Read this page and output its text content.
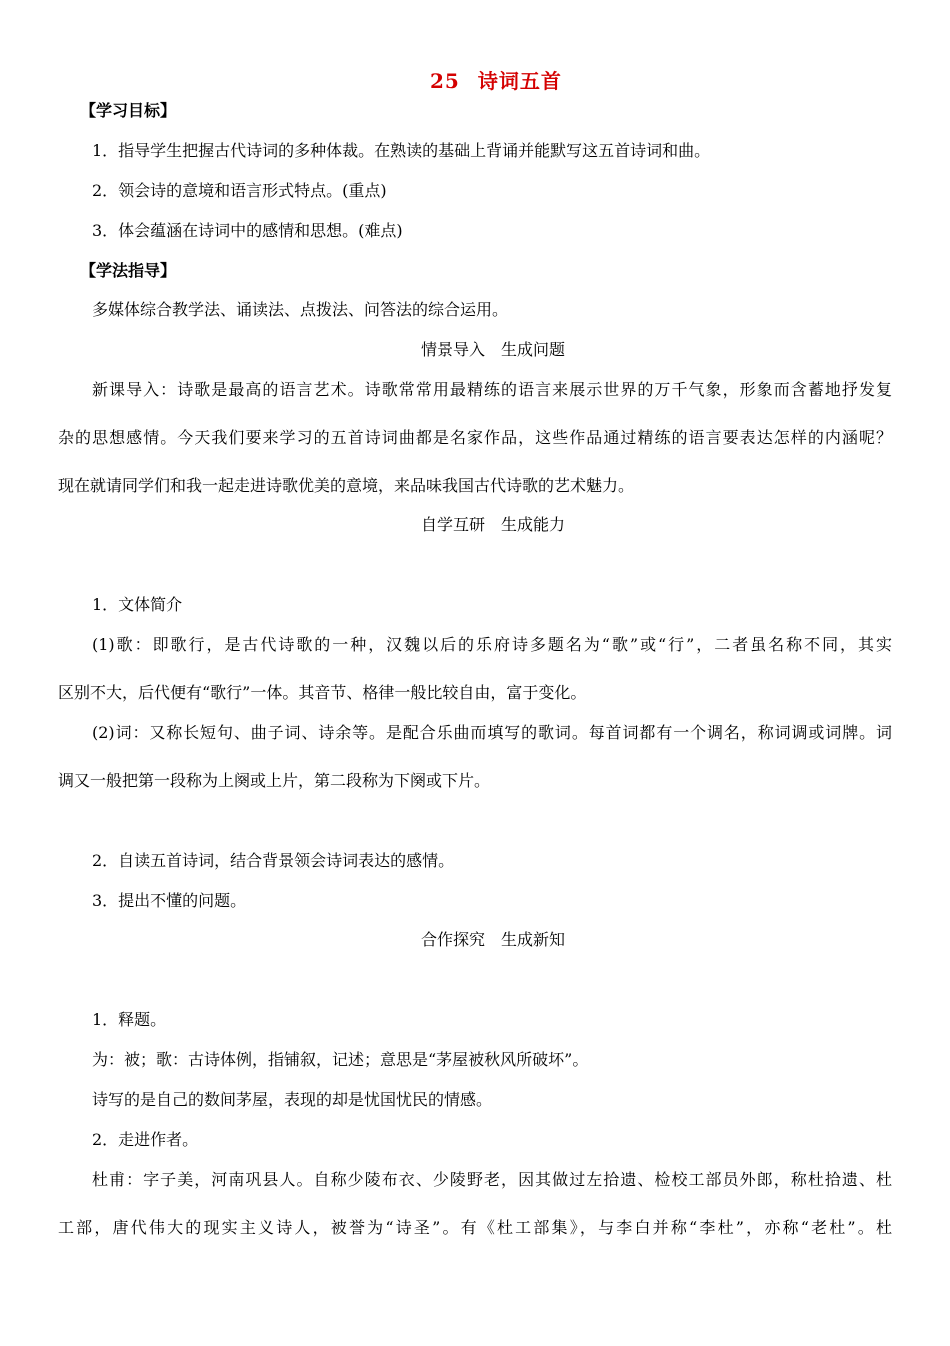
25 诗词五首
【学习目标】
1．指导学生把握古代诗词的多种体裁。在熟读的基础上背诵并能默写这五首诗词和曲。
2．领会诗的意境和语言形式特点。(重点)
3．体会蕴涵在诗词中的感情和思想。(难点)
【学法指导】
多媒体综合教学法、诵读法、点拨法、问答法的综合运用。
情景导入　生成问题
新课导入：诗歌是最高的语言艺术。诗歌常常用最精练的语言来展示世界的万千气象，形象而含蓄地抒发复
杂的思想感情。今天我们要来学习的五首诗词曲都是名家作品，这些作品通过精练的语言要表达怎样的内涵呢？
现在就请同学们和我一起走进诗歌优美的意境，来品味我国古代诗歌的艺术魅力。
自学互研　生成能力
1．文体简介
(1)歌：即歌行，是古代诗歌的一种，汉魏以后的乐府诗多题名为“歌”或“行”，二者虽名称不同，其实
区别不大，后代便有“歌行”一体。其音节、格律一般比较自由，富于变化。
(2)词：又称长短句、曲子词、诗余等。是配合乐曲而填写的歌词。每首词都有一个调名，称词调或词牌。词
调又一般把第一段称为上阕或上片，第二段称为下阕或下片。
2．自读五首诗词，结合背景领会诗词表达的感情。
3．提出不懂的问题。
合作探究　生成新知
1．释题。
为：被；歌：古诗体例，指铺叙，记述；意思是“茅屋被秋风所破坏”。
诗写的是自己的数间茅屋，表现的却是忧国忧民的情感。
2．走进作者。
杜甫：字子美，河南巩县人。自称少陵布衣、少陵野老，因其做过左拾遗、检校工部员外郎，称杜拾遗、杜
工部，唐代伟大的现实主义诗人，被誉为“诗圣”。有《杜工部集》，与李白并称“李杜”，亦称“老杜”。杜
